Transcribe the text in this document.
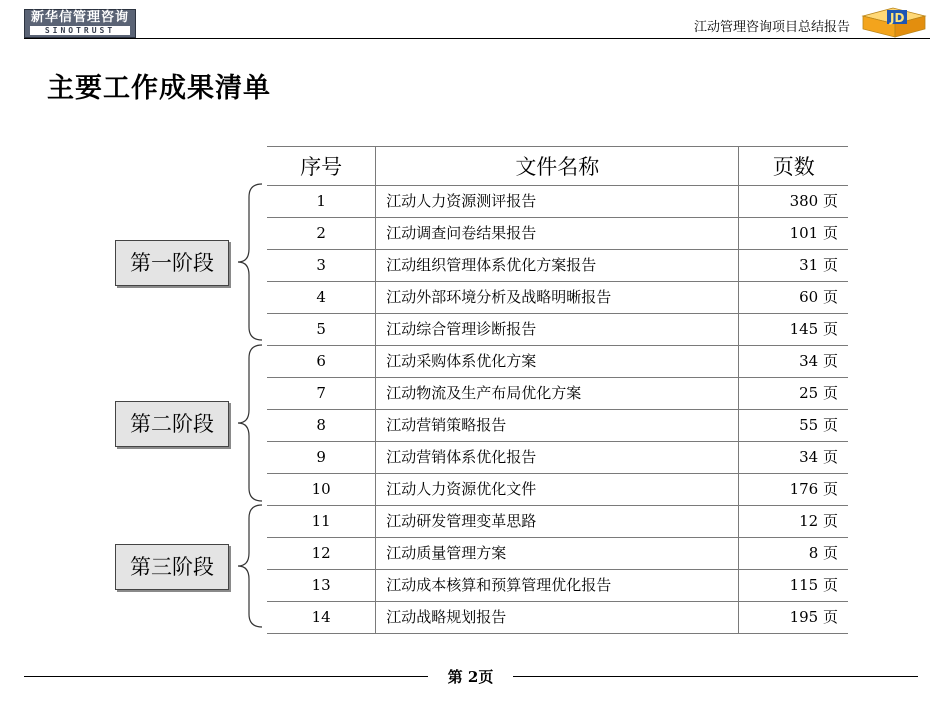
新华信管理咨询
SINOTRUST	江动管理咨询项目总结报告
JD
主要工作成果清单
序号	文件名称	页数
1	江动人力资源测评报告	380 页
2	江动调查问卷结果报告	101 页
3	江动组织管理体系优化方案报告	31 页
4	江动外部环境分析及战略明晰报告	60 页
5	江动综合管理诊断报告	145 页
6	江动采购体系优化方案	34 页
7	江动物流及生产布局优化方案	25 页
8	江动营销策略报告	55 页
9	江动营销体系优化报告	34 页
10	江动人力资源优化文件	176 页
11	江动研发管理变革思路	12 页
12	江动质量管理方案	8 页
13	江动成本核算和预算管理优化报告	115 页
14	江动战略规划报告	195 页
第一阶段
第二阶段
第三阶段
第 2页
